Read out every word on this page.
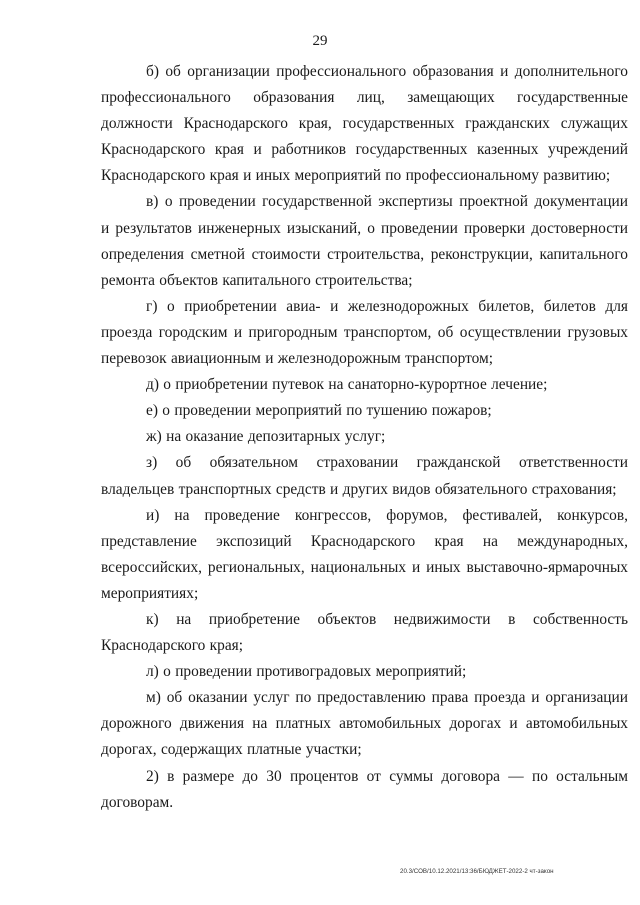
29

б) об организации профессионального образования и дополнительного профессионального образования лиц, замещающих государственные должности Краснодарского края, государственных гражданских служащих Краснодарского края и работников государственных казенных учреждений Краснодарского края и иных мероприятий по профессиональному развитию;

в) о проведении государственной экспертизы проектной документации и результатов инженерных изысканий, о проведении проверки достоверности определения сметной стоимости строительства, реконструкции, капитального ремонта объектов капитального строительства;

г) о приобретении авиа- и железнодорожных билетов, билетов для проезда городским и пригородным транспортом, об осуществлении грузовых перевозок авиационным и железнодорожным транспортом;

д) о приобретении путевок на санаторно-курортное лечение;

е) о проведении мероприятий по тушению пожаров;

ж) на оказание депозитарных услуг;

з) об обязательном страховании гражданской ответственности владельцев транспортных средств и других видов обязательного страхования;

и) на проведение конгрессов, форумов, фестивалей, конкурсов, представление экспозиций Краснодарского края на международных, всероссийских, региональных, национальных и иных выставочно-ярмарочных мероприятиях;

к) на приобретение объектов недвижимости в собственность Краснодарского края;

л) о проведении противоградовых мероприятий;

м) об оказании услуг по предоставлению права проезда и организации дорожного движения на платных автомобильных дорогах и автомобильных дорогах, содержащих платные участки;

2) в размере до 30 процентов от суммы договора — по остальным договорам.

20.3/СОВ/10.12.2021/13:36/БЮДЖЕТ-2022-2 чт-закон
